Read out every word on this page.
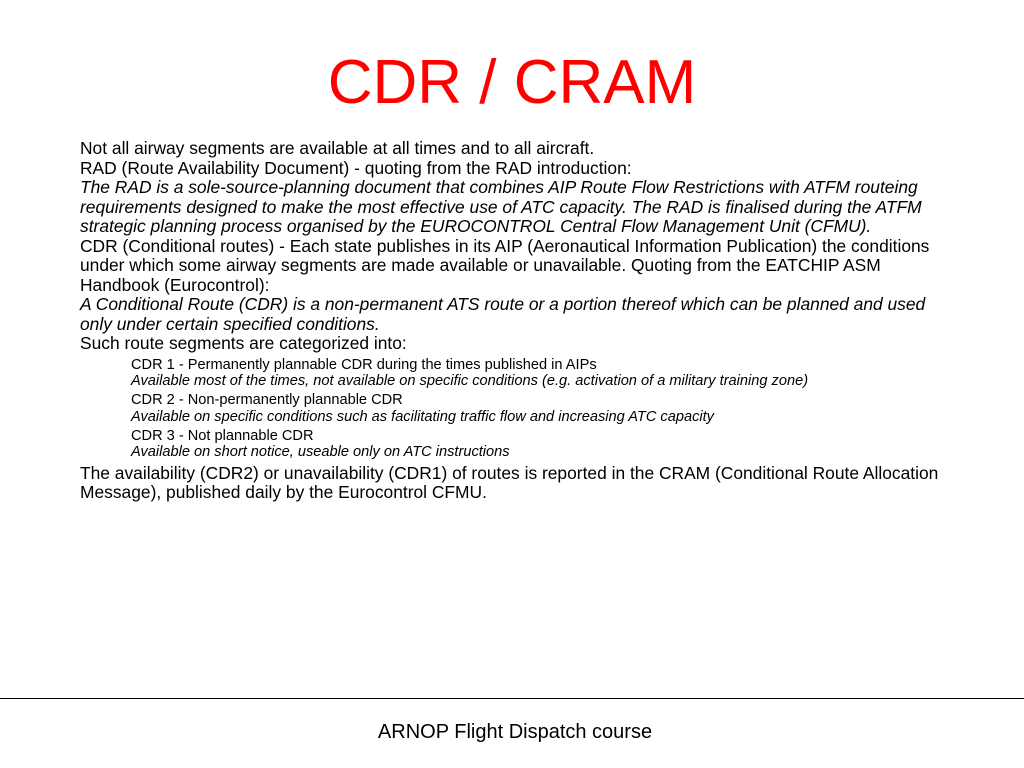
CDR / CRAM

Not all airway segments are available at all times and to all aircraft.

RAD (Route Availability Document) - quoting from the RAD introduction:
The RAD is a sole-source-planning document that combines AIP Route Flow Restrictions with ATFM routeing requirements designed to make the most effective use of ATC capacity. The RAD is finalised during the ATFM strategic planning process organised by the EUROCONTROL Central Flow Management Unit (CFMU).

CDR (Conditional routes) - Each state publishes in its AIP (Aeronautical Information Publication) the conditions under which some airway segments are made available or unavailable. Quoting from the EATCHIP ASM Handbook (Eurocontrol):
A Conditional Route (CDR) is a non-permanent ATS route or a portion thereof which can be planned and used only under certain specified conditions.

Such route segments are categorized into:
CDR 1 - Permanently plannable CDR during the times published in AIPs
Available most of the times, not available on specific conditions (e.g. activation of a military training zone)
CDR 2 - Non-permanently plannable CDR
Available on specific conditions such as facilitating traffic flow and increasing ATC capacity
CDR 3 - Not plannable CDR
Available on short notice, useable only on ATC instructions

The availability (CDR2) or unavailability (CDR1) of routes is reported in the CRAM (Conditional Route Allocation Message), published daily by the Eurocontrol CFMU.

ARNOP Flight Dispatch course
